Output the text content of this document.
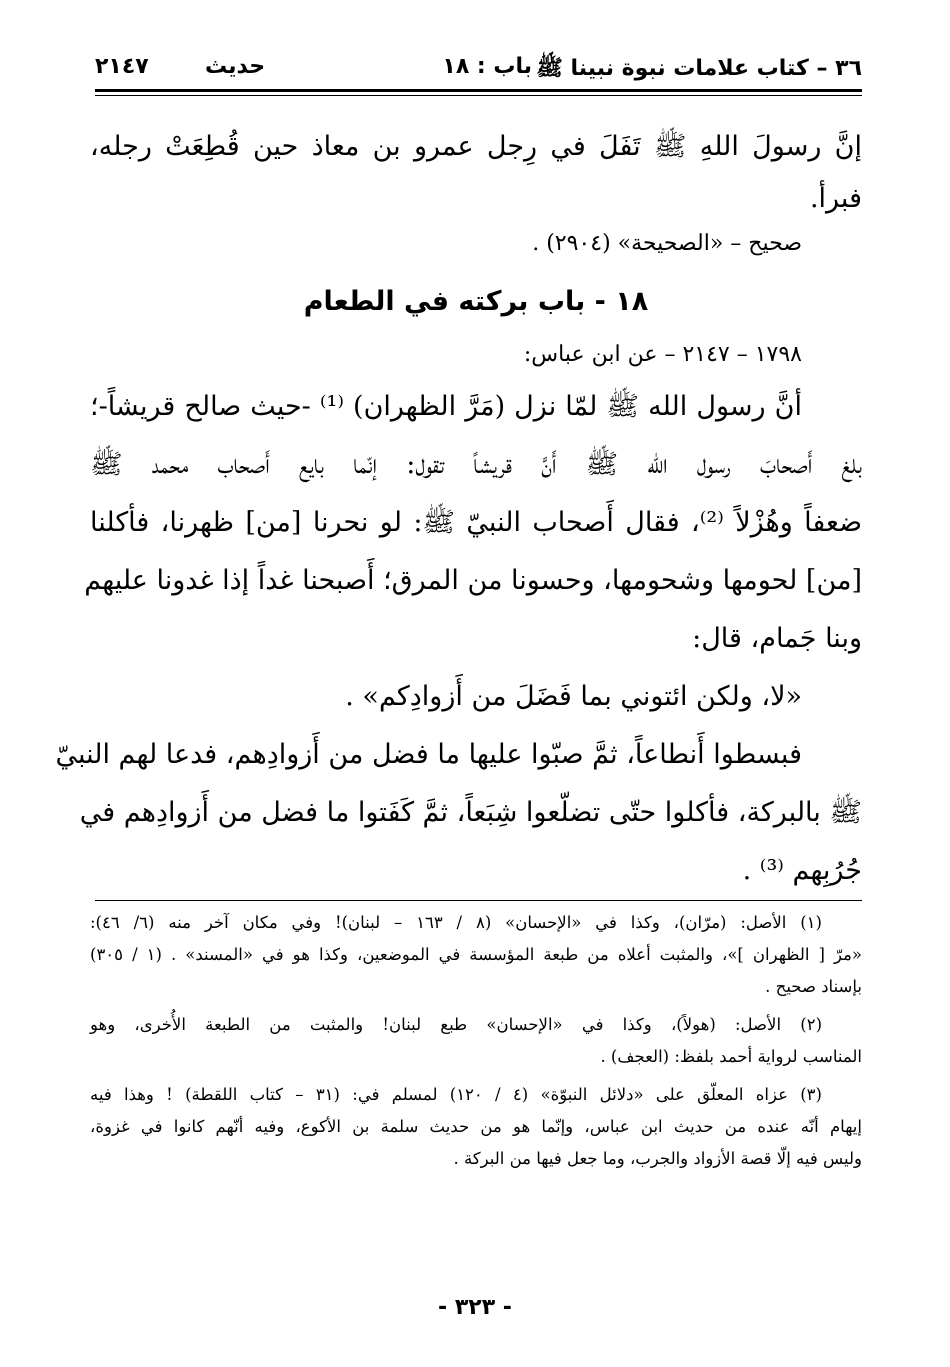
٣٦ – كتاب علامات نبوة نبينا ﷺ
باب : ١٨
حديث
٢١٤٧
إنَّ رسولَ اللهِ ﷺ تَفَلَ في رِجل عمرو بن معاذ حين قُطِعَتْ رجله،
فبرأ.
صحيح – «الصحيحة» (٢٩٠٤) .
١٨ - باب بركته في الطعام
١٧٩٨ – ٢١٤٧ – عن ابن عباس:
أنَّ رسول الله ﷺ لمّا نزل (مَرَّ الظهران) ⁽¹⁾ -حيث صالح قريشاً-؛
بلغ أَصحابَ رسول الله ﷺ أَنَّ قريشاً تقول: إنّما بايع أَصحاب محمد ﷺ
ضعفاً وهُزْلاً ⁽²⁾، فقال أَصحاب النبيّ ﷺ: لو نحرنا [من] ظهرنا، فأكلنا
[من] لحومها وشحومها، وحسونا من المرق؛ أَصبحنا غداً إذا غدونا عليهم
وبنا جَمام، قال:
«لا، ولكن ائتوني بما فَضَلَ من أَزوادِكم» .
فبسطوا أَنطاعاً، ثمَّ صبّوا عليها ما فضل من أَزوادِهم، فدعا لهم النبيّ
ﷺ بالبركة، فأكلوا حتّى تضلّعوا شِبَعاً، ثمَّ كَفَتوا ما فضل من أَزوادِهم في
جُرُبِهم ⁽³⁾ .
(١) الأصل: (مرّان)، وكذا في «الإحسان» (٨ / ١٦٣ – لبنان)! وفي مكان آخر منه (٦/ ٤٦):
«مرّ [ الظهران ]»، والمثبت أعلاه من طبعة المؤسسة في الموضعين، وكذا هو في «المسند» . (١ / ٣٠٥)
بإسناد صحيح .
(٢) الأصل: (هولاً)، وكذا في «الإحسان» طبع لبنان! والمثبت من الطبعة الأُخرى، وهو
المناسب لرواية أحمد بلفظ: (العجف) .
(٣) عزاه المعلّق على «دلائل النبوّة» (٤ / ١٢٠) لمسلم في: (٣١ – كتاب اللقطة) ! وهذا فيه
إيهام أنّه عنده من حديث ابن عباس، وإنّما هو من حديث سلمة بن الأكوع، وفيه أنّهم كانوا في غزوة،
وليس فيه إلّا قصة الأزواد والجرب، وما جعل فيها من البركة .
- ٣٢٣ -
